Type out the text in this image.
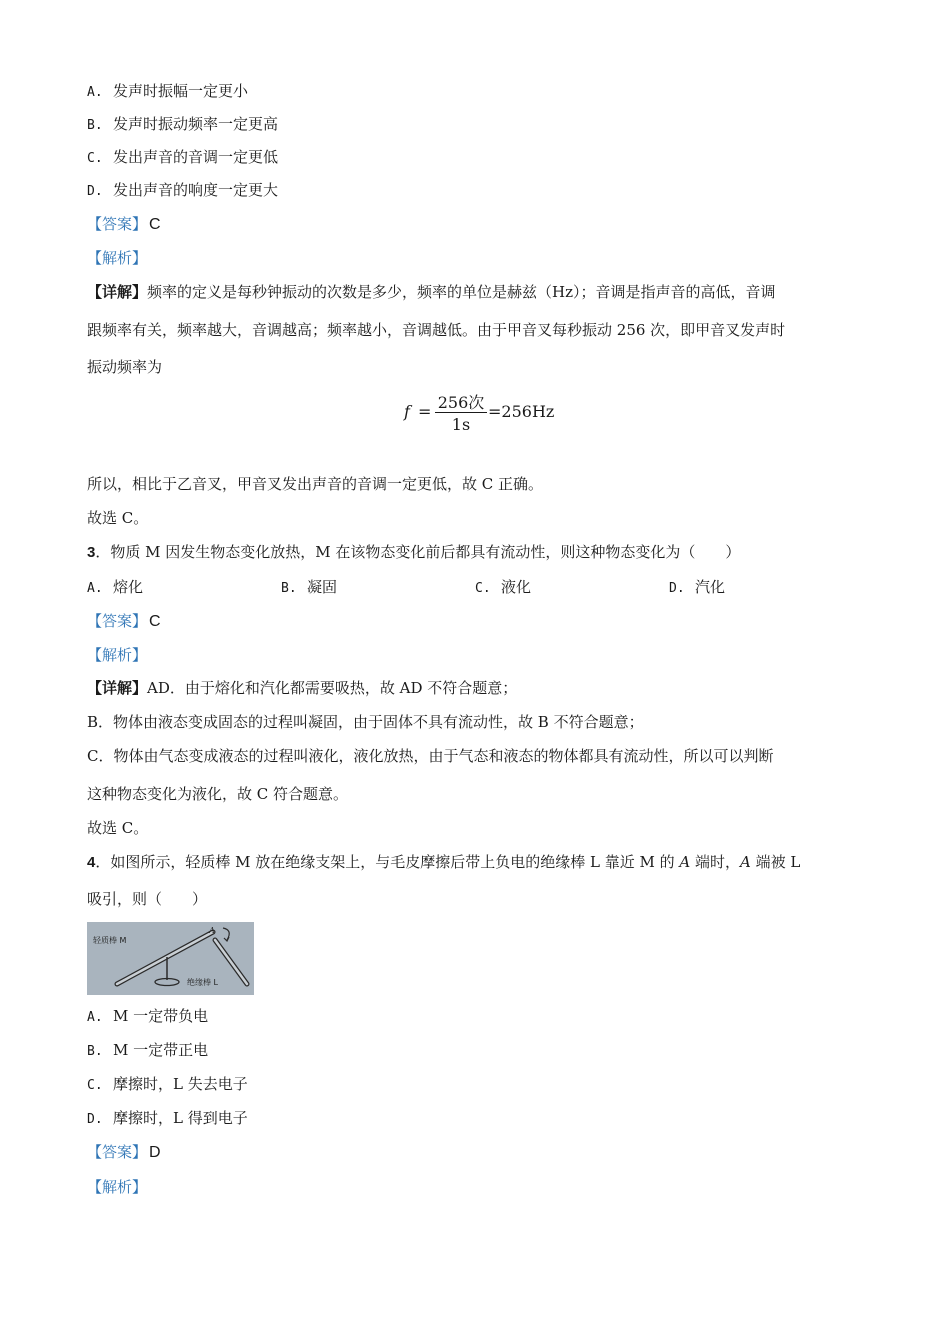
A. 发声时振幅一定更小
B. 发声时振动频率一定更高
C. 发出声音的音调一定更低
D. 发出声音的响度一定更大
【答案】 C
【解析】
【详解】频率的定义是每秒钟振动的次数是多少，频率的单位是赫兹（Hz）；音调是指声音的高低，音调
跟频率有关，频率越大，音调越高；频率越小，音调越低。由于甲音叉每秒振动 256 次，即甲音叉发声时
振动频率为
f = 256次
1s
=256Hz
所以，相比于乙音叉，甲音叉发出声音的音调一定更低，故 C 正确。
故选 C。
3．物质 M 因发生物态变化放热，M 在该物态变化前后都具有流动性，则这种物态变化为（　　）
A. 熔化	B. 凝固	C. 液化	D. 汽化
【答案】 C
【解析】
【详解】AD．由于熔化和汽化都需要吸热，故 AD 不符合题意；
B．物体由液态变成固态的过程叫凝固，由于固体不具有流动性，故 B 不符合题意；
C．物体由气态变成液态的过程叫液化，液化放热，由于气态和液态的物体都具有流动性，所以可以判断
这种物态变化为液化，故 C 符合题意。
故选 C。
4．如图所示，轻质棒 M 放在绝缘支架上，与毛皮摩擦后带上负电的绝缘棒 L 靠近 M 的 A 端时，A 端被 L
吸引，则（　　）
轻质棒 M
A
绝缘棒 L
A. M 一定带负电
B. M 一定带正电
C. 摩擦时，L 失去电子
D. 摩擦时，L 得到电子
【答案】 D
【解析】
